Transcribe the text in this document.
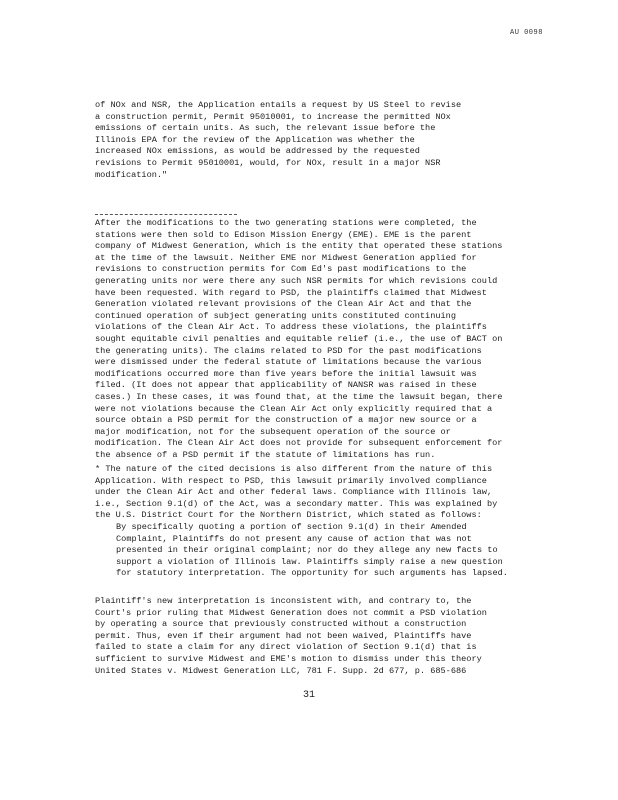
AU 0098
of NOx and NSR, the Application entails a request by US Steel to revise
a construction permit, Permit 95010001, to increase the permitted NOx
emissions of certain units. As such, the relevant issue before the
Illinois EPA for the review of the Application was whether the
increased NOx emissions, as would be addressed by the requested
revisions to Permit 95010001, would, for NOx, result in a major NSR
modification."
After the modifications to the two generating stations were completed, the
stations were then sold to Edison Mission Energy (EME). EME is the parent
company of Midwest Generation, which is the entity that operated these stations
at the time of the lawsuit. Neither EME nor Midwest Generation applied for
revisions to construction permits for Com Ed's past modifications to the
generating units nor were there any such NSR permits for which revisions could
have been requested. With regard to PSD, the plaintiffs claimed that Midwest
Generation violated relevant provisions of the Clean Air Act and that the
continued operation of subject generating units constituted continuing
violations of the Clean Air Act. To address these violations, the plaintiffs
sought equitable civil penalties and equitable relief (i.e., the use of BACT on
the generating units). The claims related to PSD for the past modifications
were dismissed under the federal statute of limitations because the various
modifications occurred more than five years before the initial lawsuit was
filed. (It does not appear that applicability of NANSR was raised in these
cases.) In these cases, it was found that, at the time the lawsuit began, there
were not violations because the Clean Air Act only explicitly required that a
source obtain a PSD permit for the construction of a major new source or a
major modification, not for the subsequent operation of the source or
modification. The Clean Air Act does not provide for subsequent enforcement for
the absence of a PSD permit if the statute of limitations has run.
* The nature of the cited decisions is also different from the nature of this
Application. With respect to PSD, this lawsuit primarily involved compliance
under the Clean Air Act and other federal laws. Compliance with Illinois law,
i.e., Section 9.1(d) of the Act, was a secondary matter. This was explained by
the U.S. District Court for the Northern District, which stated as follows:
By specifically quoting a portion of section 9.1(d) in their Amended
Complaint, Plaintiffs do not present any cause of action that was not
presented in their original complaint; nor do they allege any new facts to
support a violation of Illinois law. Plaintiffs simply raise a new question
for statutory interpretation. The opportunity for such arguments has lapsed.
Plaintiff's new interpretation is inconsistent with, and contrary to, the
Court's prior ruling that Midwest Generation does not commit a PSD violation
by operating a source that previously constructed without a construction
permit. Thus, even if their argument had not been waived, Plaintiffs have
failed to state a claim for any direct violation of Section 9.1(d) that is
sufficient to survive Midwest and EME's motion to dismiss under this theory
United States v. Midwest Generation LLC, 781 F. Supp. 2d 677, p. 685-686
31
